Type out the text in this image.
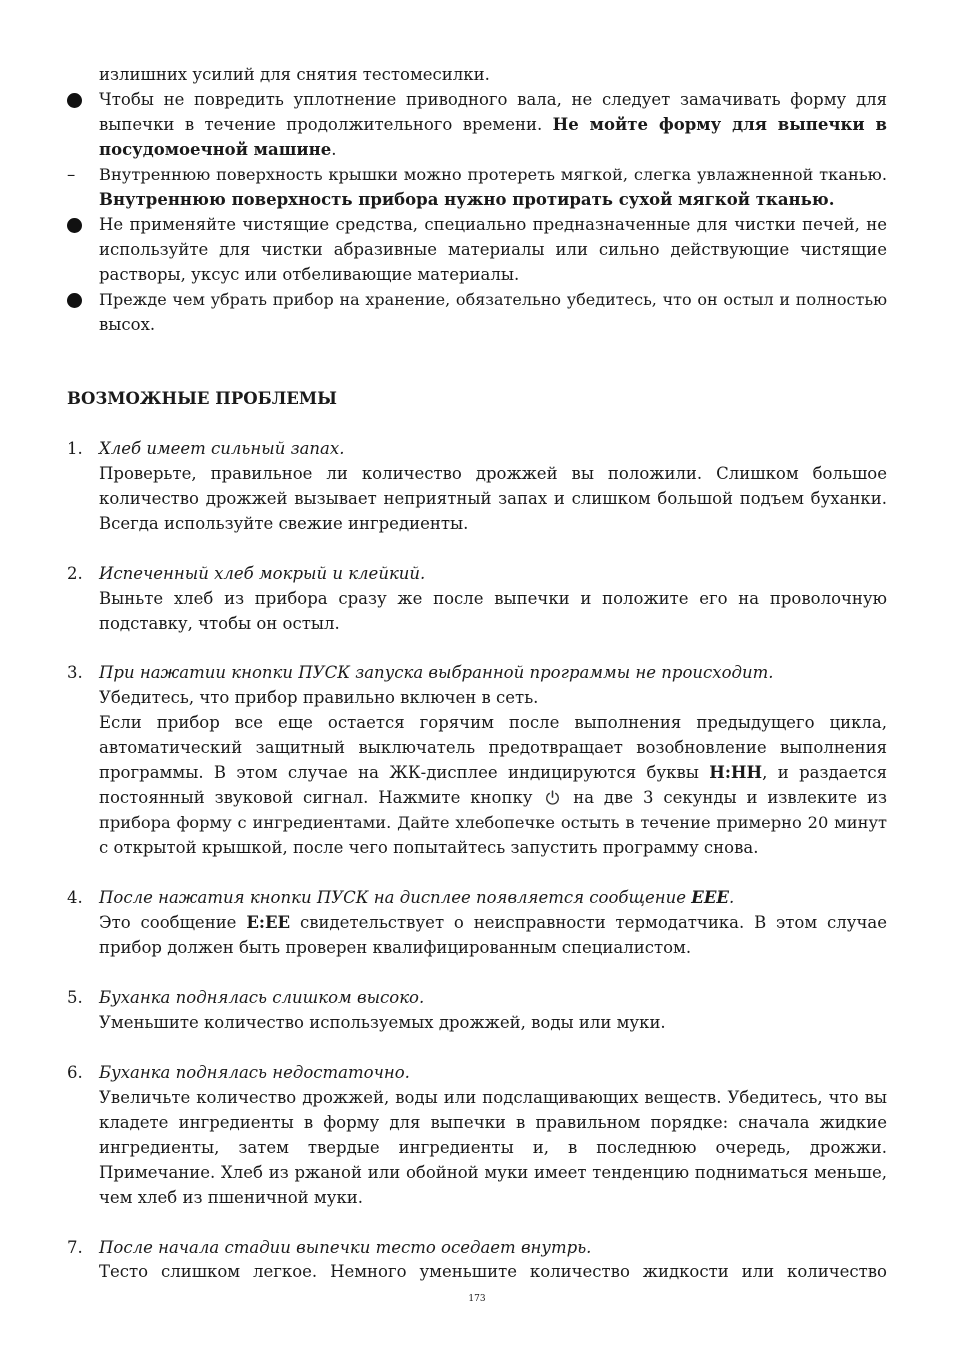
излишних усилий для снятия тестомесилки.
Чтобы не повредить уплотнение приводного вала, не следует замачивать форму для
выпечки в течение продолжительного времени. Не мойте форму для выпечки в
посудомоечной машине.
–	Внутреннюю поверхность крышки можно протереть мягкой, слегка увлажненной тканью.
Внутреннюю поверхность прибора нужно протирать сухой мягкой тканью.
Не применяйте чистящие средства, специально предназначенные для чистки печей, не
используйте для чистки абразивные материалы или сильно действующие чистящие
растворы, уксус или отбеливающие материалы.
Прежде чем убрать прибор на хранение, обязательно убедитесь, что он остыл и полностью
высох.
ВОЗМОЖНЫЕ ПРОБЛЕМЫ
1. Хлеб имеет сильный запах.
Проверьте, правильное ли количество дрожжей вы положили. Слишком большое
количество дрожжей вызывает неприятный запах и слишком большой подъем буханки.
Всегда используйте свежие ингредиенты.
2. Испеченный хлеб мокрый и клейкий.
Выньте хлеб из прибора сразу же после выпечки и положите его на проволочную
подставку, чтобы он остыл.
3. При нажатии кнопки ПУСК запуска выбранной программы не происходит.
Убедитесь, что прибор правильно включен в сеть.
Если прибор все еще остается горячим после выполнения предыдущего цикла,
автоматический защитный выключатель предотвращает возобновление выполнения
программы. В этом случае на ЖК-дисплее индицируются буквы H:HH, и раздается
постоянный звуковой сигнал. Нажмите кнопку  на две 3 секунды и извлеките из
прибора форму с ингредиентами. Дайте хлебопечке остыть в течение примерно 20 минут
с открытой крышкой, после чего попытайтесь запустить программу снова.
4. После нажатия кнопки ПУСК на дисплее появляется сообщение EEE.
Это сообщение E:EE свидетельствует о неисправности термодатчика. В этом случае
прибор должен быть проверен квалифицированным специалистом.
5. Буханка поднялась слишком высоко.
Уменьшите количество используемых дрожжей, воды или муки.
6. Буханка поднялась недостаточно.
Увеличьте количество дрожжей, воды или подслащивающих веществ. Убедитесь, что вы
кладете ингредиенты в форму для выпечки в правильном порядке: сначала жидкие
ингредиенты, затем твердые ингредиенты и, в последнюю очередь, дрожжи.
Примечание. Хлеб из ржаной или обойной муки имеет тенденцию подниматься меньше,
чем хлеб из пшеничной муки.
7. После начала стадии выпечки тесто оседает внутрь.
Тесто слишком легкое. Немного уменьшите количество жидкости или количество
173
